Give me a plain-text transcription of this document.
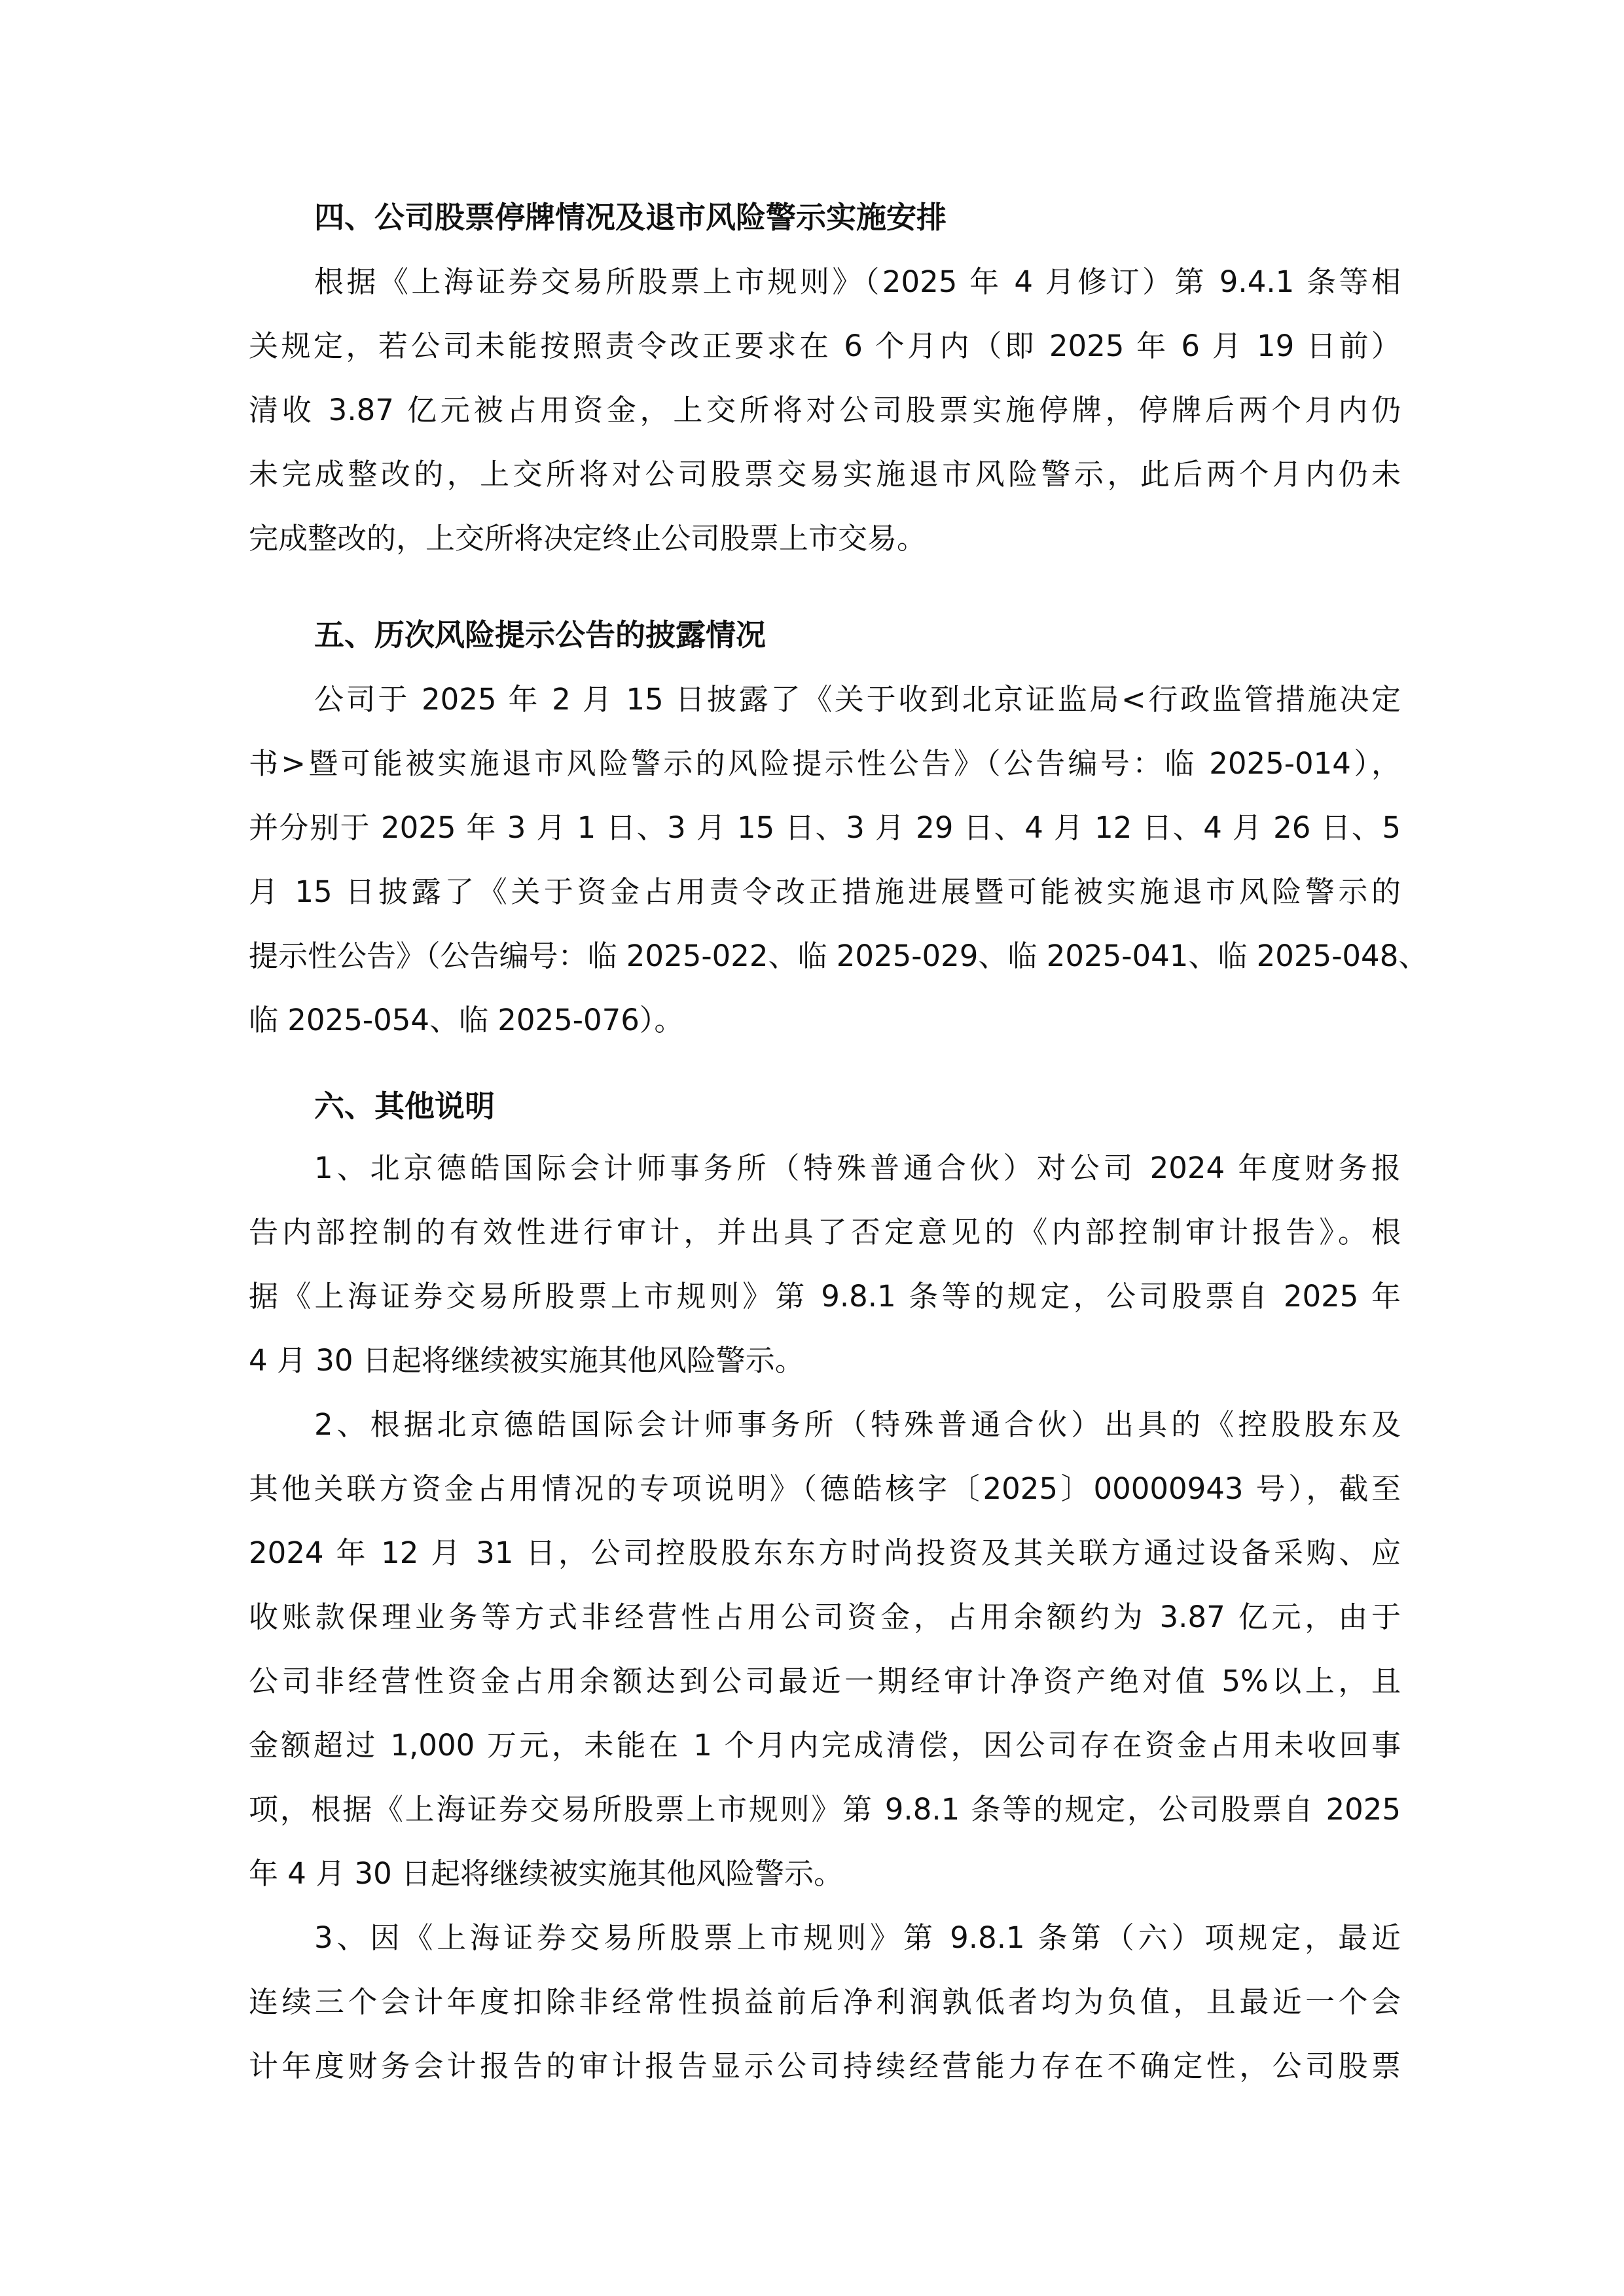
四、公司股票停牌情况及退市风险警示实施安排
根据《上海证券交易所股票上市规则》（2025 年 4 月修订）第 9.4.1 条等相
关规定，若公司未能按照责令改正要求在 6 个月内（即 2025 年 6 月 19 日前）
清收 3.87 亿元被占用资金，上交所将对公司股票实施停牌，停牌后两个月内仍
未完成整改的，上交所将对公司股票交易实施退市风险警示，此后两个月内仍未
完成整改的，上交所将决定终止公司股票上市交易。
五、历次风险提示公告的披露情况
公司于 2025 年 2 月 15 日披露了《关于收到北京证监局<行政监管措施决定
书>暨可能被实施退市风险警示的风险提示性公告》（公告编号：临 2025-014），
并分别于 2025 年 3 月 1 日、3 月 15 日、3 月 29 日、4 月 12 日、4 月 26 日、5
月 15 日披露了《关于资金占用责令改正措施进展暨可能被实施退市风险警示的
提示性公告》（公告编号：临 2025-022、临 2025-029、临 2025-041、临 2025-048、
临 2025-054、临 2025-076）。
六、其他说明
1、北京德皓国际会计师事务所（特殊普通合伙）对公司 2024 年度财务报
告内部控制的有效性进行审计，并出具了否定意见的《内部控制审计报告》。根
据《上海证券交易所股票上市规则》第 9.8.1 条等的规定，公司股票自 2025 年
4 月 30 日起将继续被实施其他风险警示。
2、根据北京德皓国际会计师事务所（特殊普通合伙）出具的《控股股东及
其他关联方资金占用情况的专项说明》（德皓核字〔2025〕00000943 号），截至
2024 年 12 月 31 日，公司控股股东东方时尚投资及其关联方通过设备采购、应
收账款保理业务等方式非经营性占用公司资金，占用余额约为 3.87 亿元，由于
公司非经营性资金占用余额达到公司最近一期经审计净资产绝对值 5%以上，且
金额超过 1,000 万元，未能在 1 个月内完成清偿，因公司存在资金占用未收回事
项，根据《上海证券交易所股票上市规则》第 9.8.1 条等的规定，公司股票自 2025
年 4 月 30 日起将继续被实施其他风险警示。
3、因《上海证券交易所股票上市规则》第 9.8.1 条第（六）项规定，最近
连续三个会计年度扣除非经常性损益前后净利润孰低者均为负值，且最近一个会
计年度财务会计报告的审计报告显示公司持续经营能力存在不确定性，公司股票
